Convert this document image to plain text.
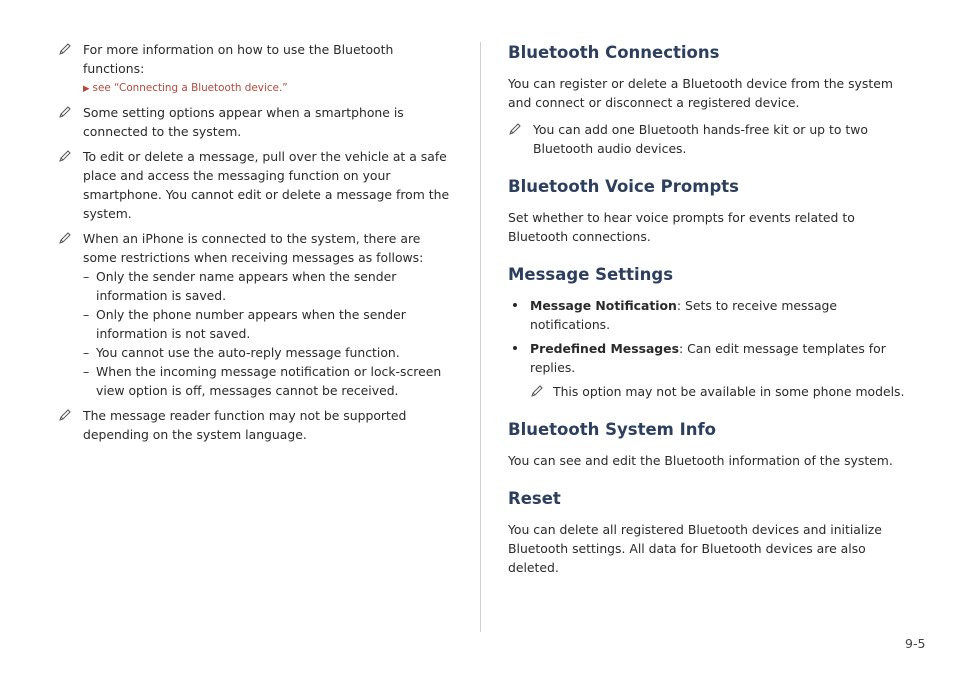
For more information on how to use the Bluetooth functions:
▶ see “Connecting a Bluetooth device.”
Some setting options appear when a smartphone is connected to the system.
To edit or delete a message, pull over the vehicle at a safe place and access the messaging function on your smartphone. You cannot edit or delete a message from the system.
When an iPhone is connected to the system, there are some restrictions when receiving messages as follows:
– Only the sender name appears when the sender information is saved.
– Only the phone number appears when the sender information is not saved.
– You cannot use the auto-reply message function.
– When the incoming message notification or lock-screen view option is off, messages cannot be received.
The message reader function may not be supported depending on the system language.
Bluetooth Connections
You can register or delete a Bluetooth device from the system and connect or disconnect a registered device.
You can add one Bluetooth hands-free kit or up to two Bluetooth audio devices.
Bluetooth Voice Prompts
Set whether to hear voice prompts for events related to Bluetooth connections.
Message Settings
Message Notification: Sets to receive message notifications.
Predefined Messages: Can edit message templates for replies.
This option may not be available in some phone models.
Bluetooth System Info
You can see and edit the Bluetooth information of the system.
Reset
You can delete all registered Bluetooth devices and initialize Bluetooth settings. All data for Bluetooth devices are also deleted.
9-5
